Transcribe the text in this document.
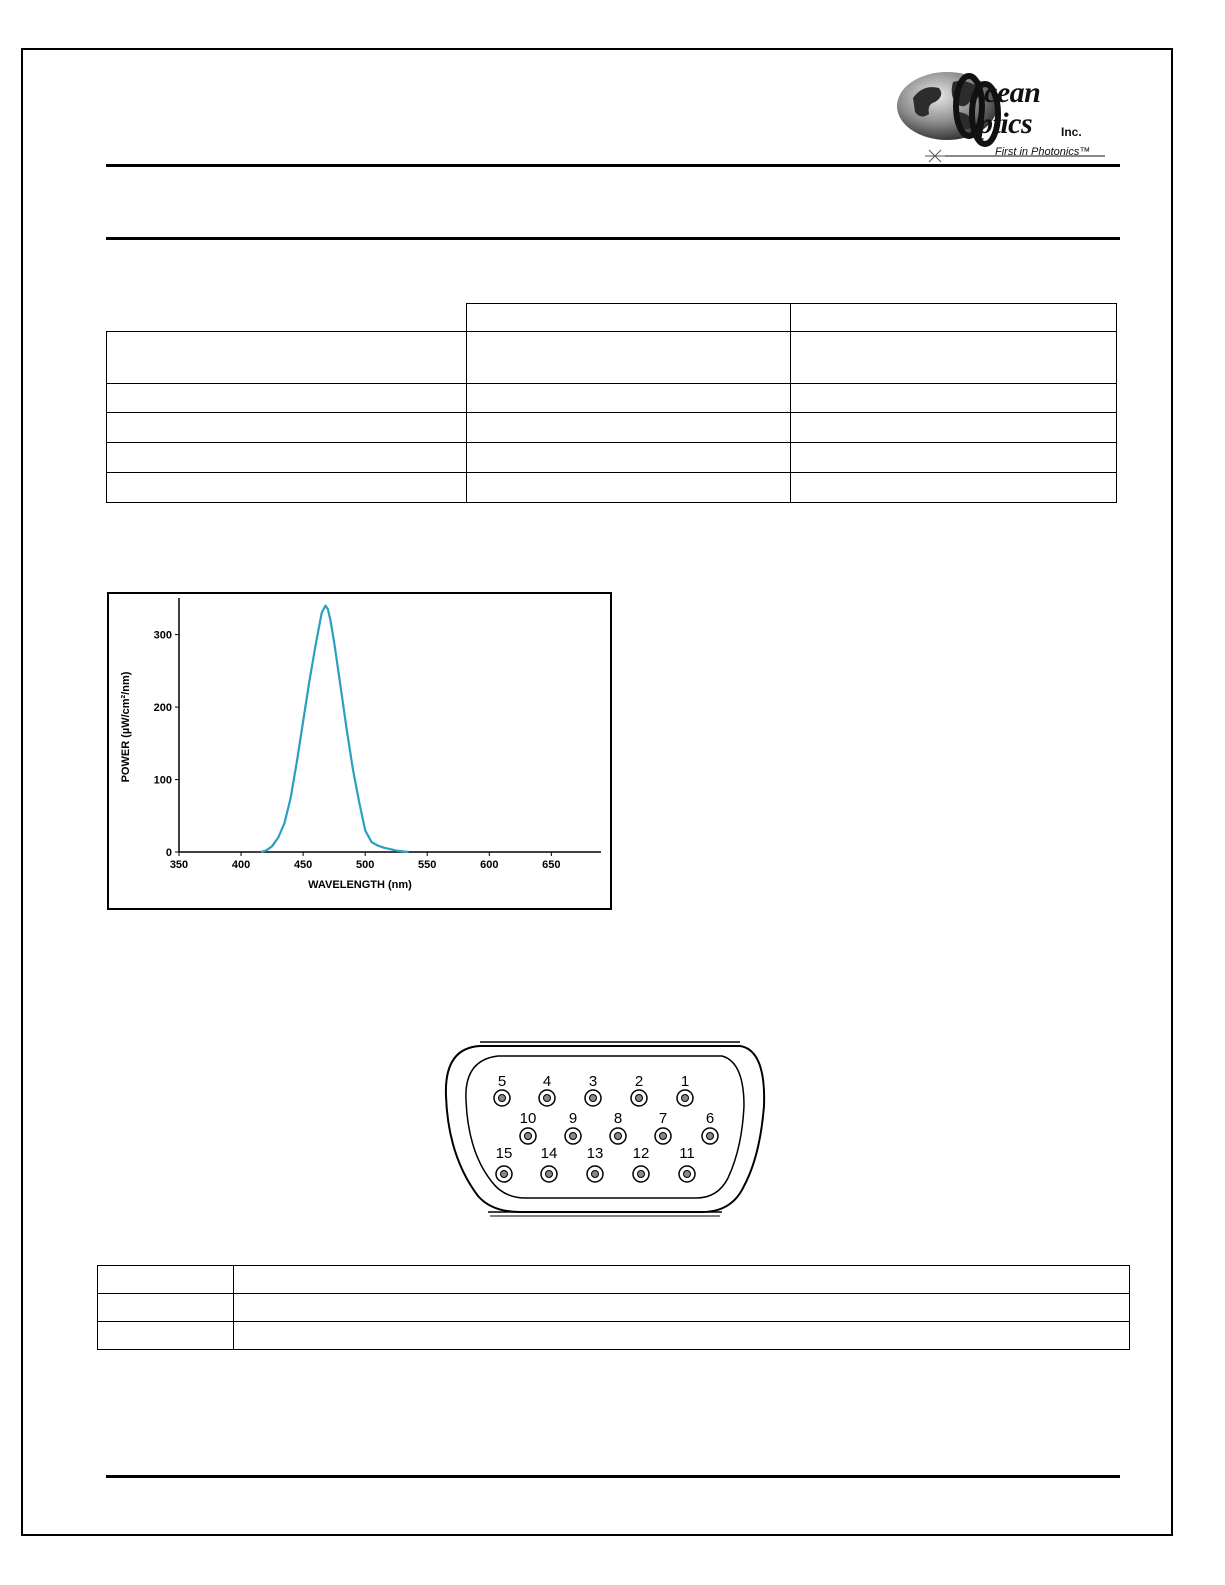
cean
ptics Inc.
First in Photonics™

350	400	450	500	550	600	650
0
100
200
300
WAVELENGTH (nm)
POWER (µW/cm²/nm)
5 4	3	2	1
10 9 8 7	6
15 14 13 12 11
